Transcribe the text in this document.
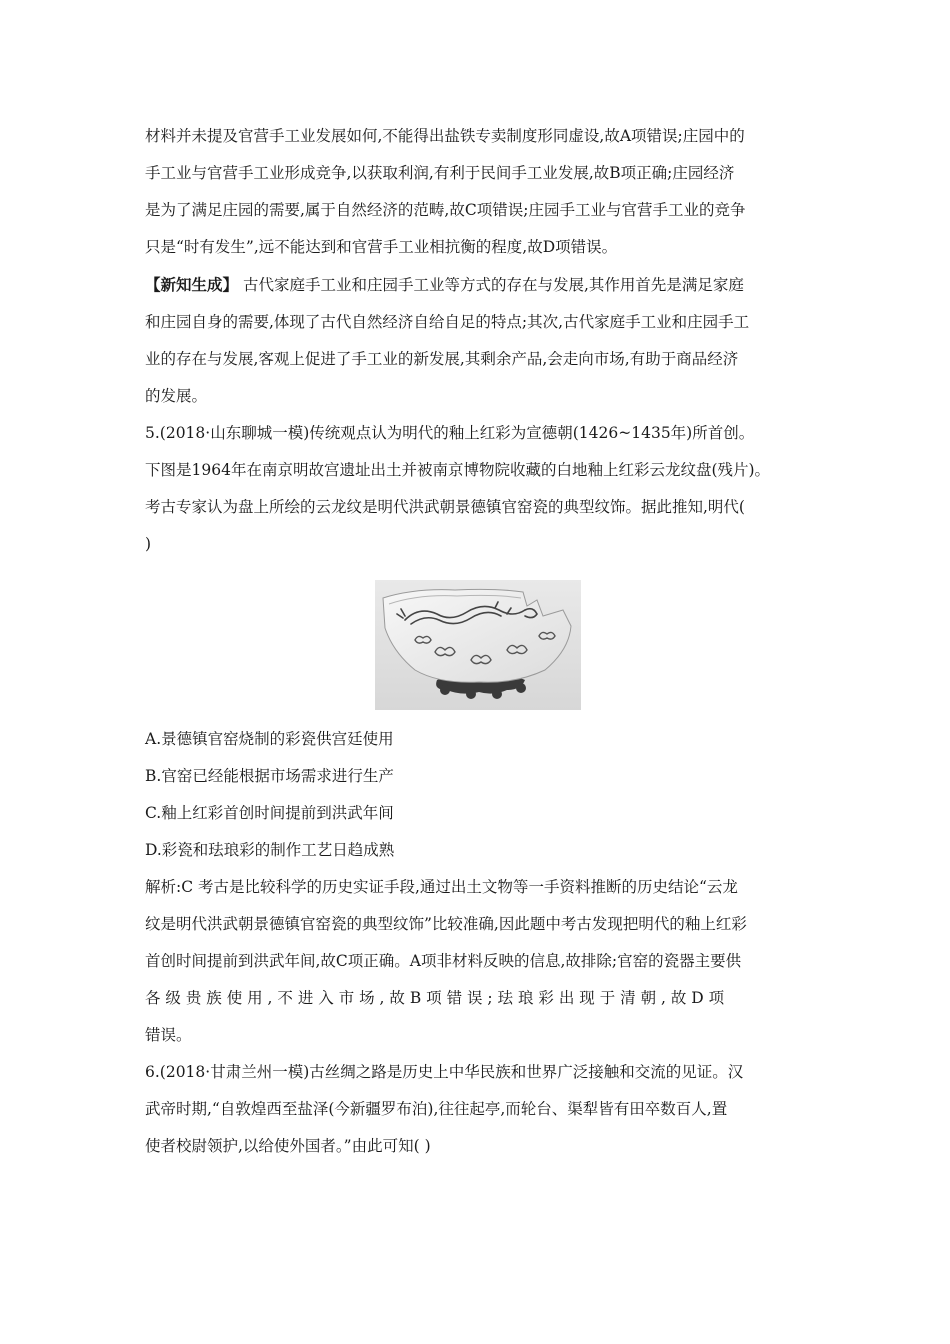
材料并未提及官营手工业发展如何,不能得出盐铁专卖制度形同虚设,故A项错误;庄园中的

手工业与官营手工业形成竞争,以获取利润,有利于民间手工业发展,故B项正确;庄园经济

是为了满足庄园的需要,属于自然经济的范畴,故C项错误;庄园手工业与官营手工业的竞争

只是“时有发生”,远不能达到和官营手工业相抗衡的程度,故D项错误。

【新知生成】 古代家庭手工业和庄园手工业等方式的存在与发展,其作用首先是满足家庭

和庄园自身的需要,体现了古代自然经济自给自足的特点;其次,古代家庭手工业和庄园手工

业的存在与发展,客观上促进了手工业的新发展,其剩余产品,会走向市场,有助于商品经济

的发展。

5.(2018·山东聊城一模)传统观点认为明代的釉上红彩为宣德朝(1426~1435年)所首创。

下图是1964年在南京明故宫遗址出土并被南京博物院收藏的白地釉上红彩云龙纹盘(残片)。

考古专家认为盘上所绘的云龙纹是明代洪武朝景德镇官窑瓷的典型纹饰。据此推知,明代(

)

A.景德镇官窑烧制的彩瓷供宫廷使用

B.官窑已经能根据市场需求进行生产

C.釉上红彩首创时间提前到洪武年间

D.彩瓷和珐琅彩的制作工艺日趋成熟

解析:C 考古是比较科学的历史实证手段,通过出土文物等一手资料推断的历史结论“云龙

纹是明代洪武朝景德镇官窑瓷的典型纹饰”比较准确,因此题中考古发现把明代的釉上红彩

首创时间提前到洪武年间,故C项正确。A项非材料反映的信息,故排除;官窑的瓷器主要供

各 级 贵 族 使 用 , 不 进 入 市 场 , 故 B 项 错 误 ; 珐 琅 彩 出 现 于 清 朝 , 故 D 项

错误。

6.(2018·甘肃兰州一模)古丝绸之路是历史上中华民族和世界广泛接触和交流的见证。汉

武帝时期,“自敦煌西至盐泽(今新疆罗布泊),往往起亭,而轮台、渠犁皆有田卒数百人,置

使者校尉领护,以给使外国者。”由此可知( )
